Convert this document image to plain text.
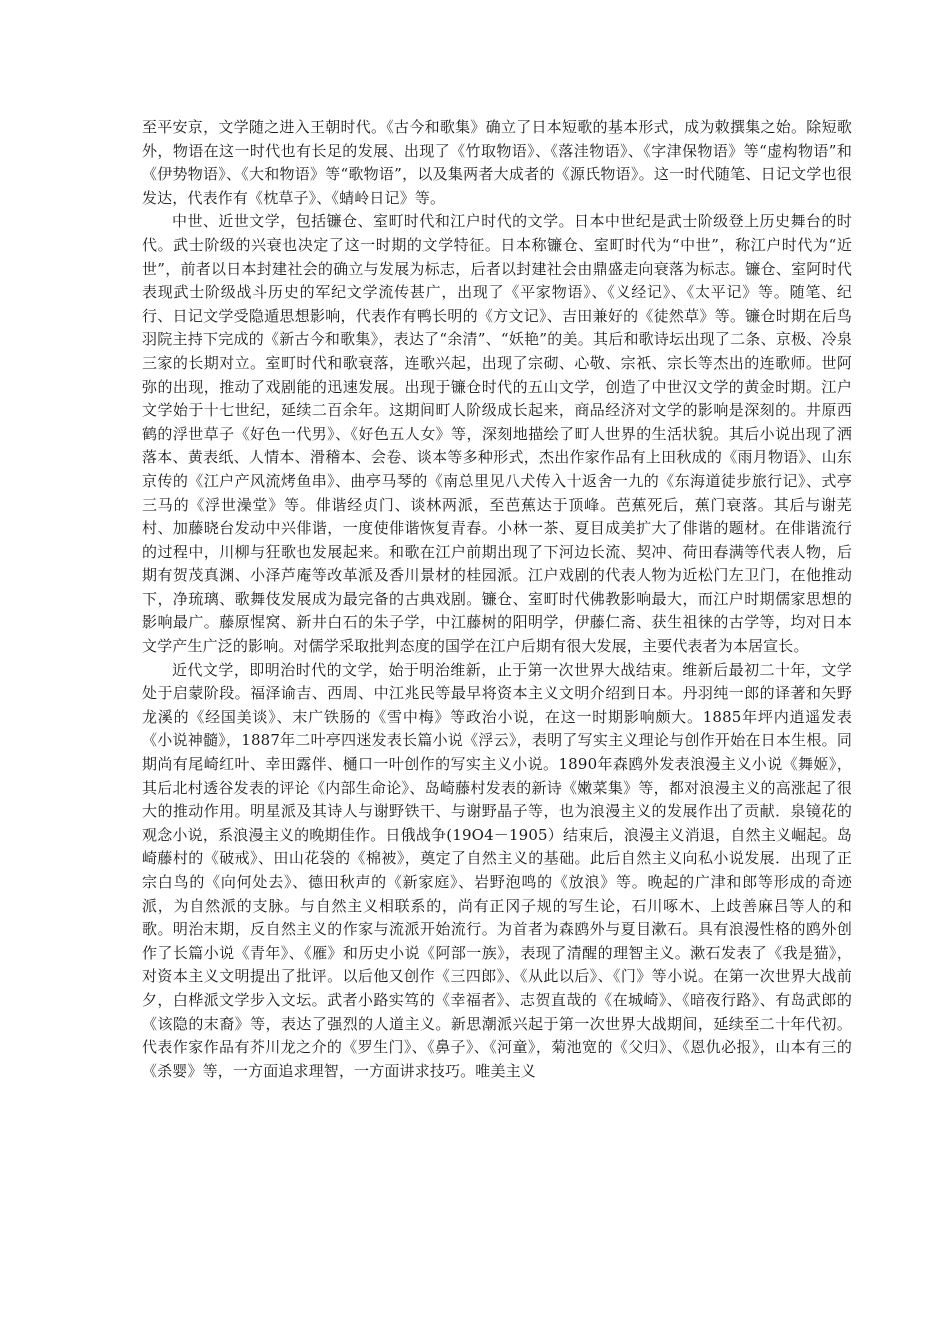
至平安京，文学随之进入王朝时代。《古今和歌集》确立了日本短歌的基本形式，成为敕撰集之始。除短歌外，物语在这一时代也有长足的发展、出现了《竹取物语》、《落洼物语》、《字津保物语》等“虚构物语”和《伊势物语》、《大和物语》等“歌物语”，以及集两者大成者的《源氏物语》。这一时代随笔、日记文学也很发达，代表作有《枕草子》、《蜻岭日记》等。

中世、近世文学，包括镰仓、室町时代和江户时代的文学。日本中世纪是武士阶级登上历史舞台的时代。武士阶级的兴衰也决定了这一时期的文学特征。日本称镰仓、室町时代为“中世”，称江户时代为“近世”，前者以日本封建社会的确立与发展为标志，后者以封建社会由鼎盛走向衰落为标志。镰仓、室阿时代表现武士阶级战斗历史的军纪文学流传甚广，出现了《平家物语》、《义经记》、《太平记》等。随笔、纪行、日记文学受隐遁思想影响，代表作有鸭长明的《方文记》、吉田兼好的《徒然草》等。镰仓时期在后鸟羽院主持下完成的《新古今和歌集》，表达了“余清”、“妖艳”的美。其后和歌诗坛出现了二条、京极、冷泉三家的长期对立。室町时代和歌衰落，连歌兴起，出现了宗砌、心敬、宗祇、宗长等杰出的连歌师。世阿弥的出现，推动了戏剧能的迅速发展。出现于镰仓时代的五山文学，创造了中世汉文学的黄金时期。江户文学始于十七世纪，延续二百余年。这期间町人阶级成长起来，商品经济对文学的影响是深刻的。井原西鹤的浮世草子《好色一代男》、《好色五人女》等，深刻地描绘了町人世界的生活状貌。其后小说出现了洒落本、黄表纸、人情本、滑稽本、会卷、谈本等多种形式，杰出作家作品有上田秋成的《雨月物语》、山东京传的《江户产风流烤鱼串》、曲亭马琴的《南总里见八犬传入十返舍一九的《东海道徒步旅行记》、式亭三马的《浮世澡堂》等。俳谐经贞门、谈林两派，至芭蕉达于顶峰。芭蕉死后，蕉门衰落。其后与谢芜村、加藤晓台发动中兴俳谐，一度使俳谐恢复青春。小林一茶、夏目成美扩大了俳谐的题材。在俳谐流行的过程中，川柳与狂歌也发展起来。和歌在江户前期出现了下河边长流、契冲、荷田春满等代表人物，后期有贺茂真渊、小泽芦庵等改革派及香川景材的桂园派。江户戏剧的代表人物为近松门左卫门，在他推动下，净琉璃、歌舞伎发展成为最完备的古典戏剧。镰仓、室町时代佛教影响最大，而江户时期儒家思想的影响最广。藤原惺窝、新井白石的朱子学，中江藤树的阳明学，伊藤仁斋、获生祖徕的古学等，均对日本文学产生广泛的影响。对儒学采取批判态度的国学在江户后期有很大发展，主要代表者为本居宣长。

近代文学，即明治时代的文学，始于明治维新，止于第一次世界大战结束。维新后最初二十年，文学处于启蒙阶段。福泽谕吉、西周、中江兆民等最早将资本主义文明介绍到日本。丹羽纯一郎的译著和矢野龙溪的《经国美谈》、末广铁肠的《雪中梅》等政治小说，在这一时期影响颇大。1885年坪内逍遥发表《小说神髓》，1887年二叶亭四迷发表长篇小说《浮云》，表明了写实主义理论与创作开始在日本生根。同期尚有尾崎红叶、幸田露伴、樋口一叶创作的写实主义小说。1890年森鸥外发表浪漫主义小说《舞姬》，其后北村透谷发表的评论《内部生命论》、岛崎藤村发表的新诗《嫩菜集》等，都对浪漫主义的高涨起了很大的推动作用。明星派及其诗人与谢野铁干、与谢野晶子等，也为浪漫主义的发展作出了贡献．泉镜花的观念小说，系浪漫主义的晚期佳作。日俄战争(19O4－1905）结束后，浪漫主义消退，自然主义崛起。岛崎藤村的《破戒》、田山花袋的《棉被》，奠定了自然主义的基础。此后自然主义向私小说发展．出现了正宗白鸟的《向何处去》、德田秋声的《新家庭》、岩野泡鸣的《放浪》等。晚起的广津和郎等形成的奇迹派，为自然派的支脉。与自然主义相联系的，尚有正冈子规的写生论，石川啄木、上歧善麻吕等人的和歌。明治末期，反自然主义的作家与流派开始流行。为首者为森鸥外与夏目漱石。具有浪漫性格的鸥外创作了长篇小说《青年》、《雁》和历史小说《阿部一族》，表现了清醒的理智主义。漱石发表了《我是猫》，对资本主义文明提出了批评。以后他又创作《三四郎》、《从此以后》、《门》等小说。在第一次世界大战前夕，白桦派文学步入文坛。武者小路实笃的《幸福者》、志贺直哉的《在城崎》、《暗夜行路》、有岛武郎的《该隐的末裔》等，表达了强烈的人道主义。新思潮派兴起于第一次世界大战期间，延续至二十年代初。代表作家作品有芥川龙之介的《罗生门》、《鼻子》、《河童》，菊池宽的《父归》、《恩仇必报》，山本有三的《杀婴》等，一方面追求理智，一方面讲求技巧。唯美主义
